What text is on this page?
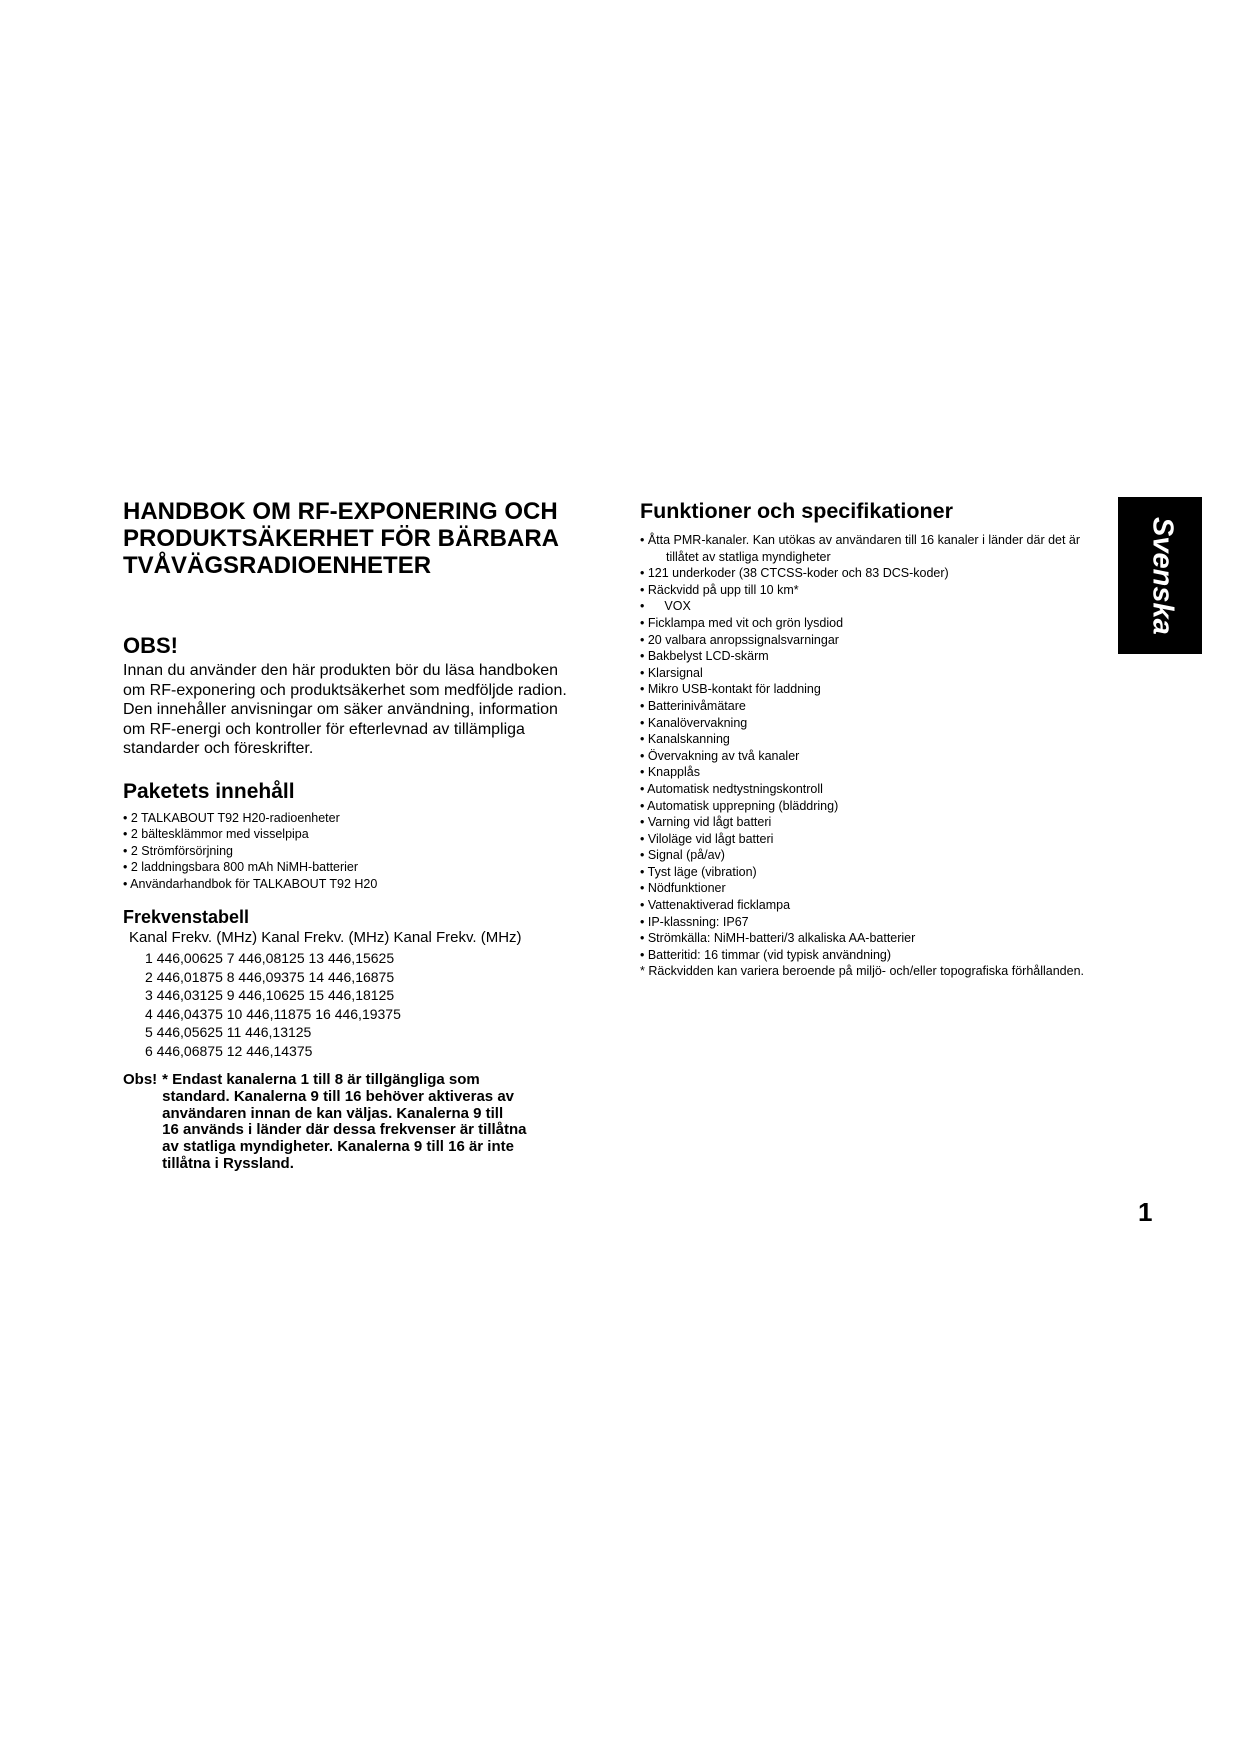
HANDBOK OM RF-EXPONERING OCH
PRODUKTSÄKERHET FÖR BÄRBARA
TVÅVÄGSRADIOENHETER
OBS!
Innan du använder den här produkten bör du läsa handboken
om RF-exponering och produktsäkerhet som medföljde radion.
Den innehåller anvisningar om säker användning, information
om RF-energi och kontroller för efterlevnad av tillämpliga
standarder och föreskrifter.
Paketets innehåll
• 2 TALKABOUT T92 H20-radioenheter
• 2 bältesklämmor med visselpipa
• 2 Strömförsörjning
• 2 laddningsbara 800 mAh NiMH-batterier
• Användarhandbok för TALKABOUT T92 H20
Frekvenstabell
Kanal Frekv. (MHz) Kanal Frekv. (MHz) Kanal Frekv. (MHz)
1 446,00625 7 446,08125 13 446,15625
2 446,01875 8 446,09375 14 446,16875
3 446,03125 9 446,10625 15 446,18125
4 446,04375 10 446,11875 16 446,19375
5 446,05625 11 446,13125
6 446,06875 12 446,14375
Obs! * Endast kanalerna 1 till 8 är tillgängliga som
standard. Kanalerna 9 till 16 behöver aktiveras av
användaren innan de kan väljas. Kanalerna 9 till
16 används i länder där dessa frekvenser är tillåtna
av statliga myndigheter. Kanalerna 9 till 16 är inte
tillåtna i Ryssland.
Funktioner och specifikationer
• Åtta PMR-kanaler. Kan utökas av användaren till 16 kanaler i länder där det är tillåtet av statliga myndigheter
• 121 underkoder (38 CTCSS-koder och 83 DCS-koder)
• Räckvidd på upp till 10 km*
• VOX
• Ficklampa med vit och grön lysdiod
• 20 valbara anropssignalsvarningar
• Bakbelyst LCD-skärm
• Klarsignal
• Mikro USB-kontakt för laddning
• Batterinivåmätare
• Kanalövervakning
• Kanalskanning
• Övervakning av två kanaler
• Knapplås
• Automatisk nedtystningskontroll
• Automatisk upprepning (bläddring)
• Varning vid lågt batteri
• Viloläge vid lågt batteri
• Signal (på/av)
• Tyst läge (vibration)
• Nödfunktioner
• Vattenaktiverad ficklampa
• IP-klassning: IP67
• Strömkälla: NiMH-batteri/3 alkaliska AA-batterier
• Batteritid: 16 timmar (vid typisk användning)
* Räckvidden kan variera beroende på miljö- och/eller topografiska förhållanden.
Svenska
1
